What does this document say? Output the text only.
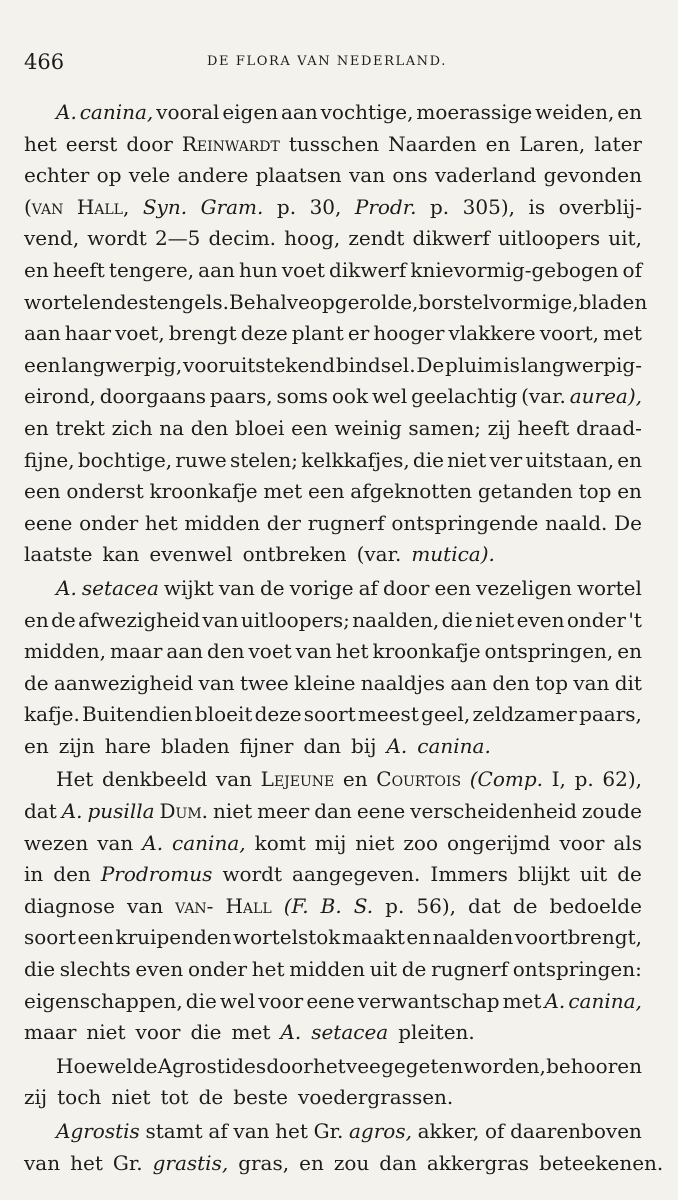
466	DE FLORA VAN NEDERLAND.
A. canina, vooral eigen aan vochtige, moerassige weiden, en
het eerst door Reinwardt tusschen Naarden en Laren, later
echter op vele andere plaatsen van ons vaderland gevonden
(van Hall, Syn. Gram. p. 30, Prodr. p. 305), is overblij-
vend, wordt 2—5 decim. hoog, zendt dikwerf uitloopers uit,
en heeft tengere, aan hun voet dikwerf knievormig-gebogen of
wortelende stengels. Behalve opgerolde, borstelvormige, bladen
aan haar voet, brengt deze plant er hooger vlakkere voort, met
een langwerpig, vooruitstekend bindsel. De pluim is langwerpig-
eirond, doorgaans paars, soms ook wel geelachtig (var. aurea),
en trekt zich na den bloei een weinig samen; zij heeft draad-
fijne, bochtige, ruwe stelen; kelkkafjes, die niet ver uitstaan, en
een onderst kroonkafje met een afgeknotten getanden top en
eene onder het midden der rugnerf ontspringende naald. De
laatste kan evenwel ontbreken (var. mutica).
A. setacea wijkt van de vorige af door een vezeligen wortel
en de afwezigheid van uitloopers; naalden, die niet even onder 't
midden, maar aan den voet van het kroonkafje ontspringen, en
de aanwezigheid van twee kleine naaldjes aan den top van dit
kafje. Buitendien bloeit deze soort meest geel, zeldzamer paars,
en zijn hare bladen fijner dan bij A. canina.
Het denkbeeld van Lejeune en Courtois (Comp. I, p. 62),
dat A. pusilla Dum. niet meer dan eene verscheidenheid zoude
wezen van A. canina, komt mij niet zoo ongerijmd voor als
in den Prodromus wordt aangegeven. Immers blijkt uit de
diagnose van van- Hall (F. B. S. p. 56), dat de bedoelde
soort een kruipenden wortelstok maakt en naalden voortbrengt,
die slechts even onder het midden uit de rugnerf ontspringen:
eigenschappen, die wel voor eene verwantschap met A. canina,
maar niet voor die met A. setacea pleiten.
Hoewel de Agrostides door het vee gegeten worden, behooren
zij toch niet tot de beste voedergrassen.
Agrostis stamt af van het Gr. agros, akker, of daarenboven
van het Gr. grastis, gras, en zou dan akkergras beteekenen.
